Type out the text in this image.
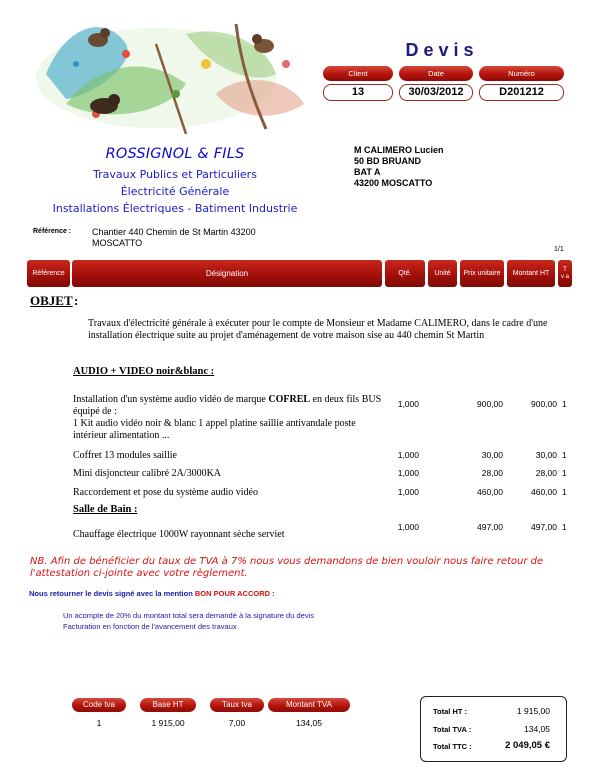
ROSSIGNOL & FILS
Travaux Publics et Particuliers
Électricité Générale
Installations Électriques - Batiment Industrie
Devis
Client	Date	Numéro
13	30/03/2012	D201212
M CALIMERO Lucien
50 BD BRUAND
BAT A
43200 MOSCATTO
Référence : Chantier 440 Chemin de St Martin 43200
MOSCATTO
1/1
Référence	Désignation	Qté.	Unité	Prix unitaire	Montant HT	T v a
OBJET :
Travaux d'électricité générale à exécuter pour le compte de Monsieur et Madame CALIMERO, dans le cadre d'une installation électrique suite au projet d'aménagement de votre maison sise au 440 chemin St Martin
AUDIO + VIDEO noir&blanc :
Installation d'un système audio vidéo de marque COFREL en deux fils BUS équipé de :
1 Kit audio vidéo noir & blanc 1 appel platine saillie antivandale poste intérieur alimentation ...
1,000	900,00	900,00 1
Coffret 13 modules saillie	1,000	30,00	30,00 1
Mini disjoncteur calibré 2A/3000KA	1,000	28,00	28,00 1
Raccordement et pose du système audio vidéo	1,000	460,00	460,00 1
Salle de Bain :
Chauffage électrique 1000W rayonnant sèche serviet
1,000	497,00	497,00 1
NB. Afin de bénéficier du taux de TVA à 7% nous vous demandons de bien vouloir nous faire retour de l'attestation ci-jointe avec votre règlement.
Nous retourner le devis signé avec la mention BON POUR ACCORD :
Un acompte de 20% du montant total sera demandé à la signature du devis
Facturation en fonction de l'avancement des travaux
Code tva	Base HT	Taux tva	Montant TVA
1	1 915,00	7,00	134,05
Total HT :	1 915,00
Total TVA :	134,05
Total TTC :	2 049,05 €
